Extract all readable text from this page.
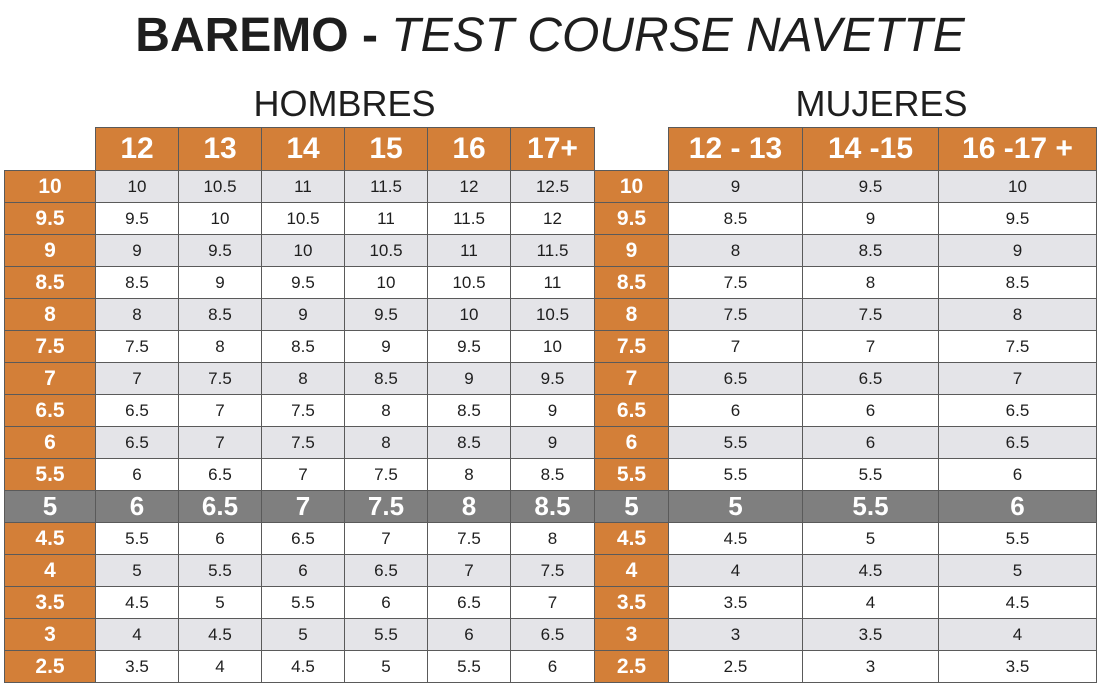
BAREMO - TEST COURSE NAVETTE
HOMBRES	MUJERES
	12	13	14	15	16	17+
10	10	10.5	11	11.5	12	12.5
9.5	9.5	10	10.5	11	11.5	12
9	9	9.5	10	10.5	11	11.5
8.5	8.5	9	9.5	10	10.5	11
8	8	8.5	9	9.5	10	10.5
7.5	7.5	8	8.5	9	9.5	10
7	7	7.5	8	8.5	9	9.5
6.5	6.5	7	7.5	8	8.5	9
6	6.5	7	7.5	8	8.5	9
5.5	6	6.5	7	7.5	8	8.5
5	6	6.5	7	7.5	8	8.5
4.5	5.5	6	6.5	7	7.5	8
4	5	5.5	6	6.5	7	7.5
3.5	4.5	5	5.5	6	6.5	7
3	4	4.5	5	5.5	6	6.5
2.5	3.5	4	4.5	5	5.5	6
	12 - 13	14 -15	16 -17 +
10	9	9.5	10
9.5	8.5	9	9.5
9	8	8.5	9
8.5	7.5	8	8.5
8	7.5	7.5	8
7.5	7	7	7.5
7	6.5	6.5	7
6.5	6	6	6.5
6	5.5	6	6.5
5.5	5.5	5.5	6
5	5	5.5	6
4.5	4.5	5	5.5
4	4	4.5	5
3.5	3.5	4	4.5
3	3	3.5	4
2.5	2.5	3	3.5
